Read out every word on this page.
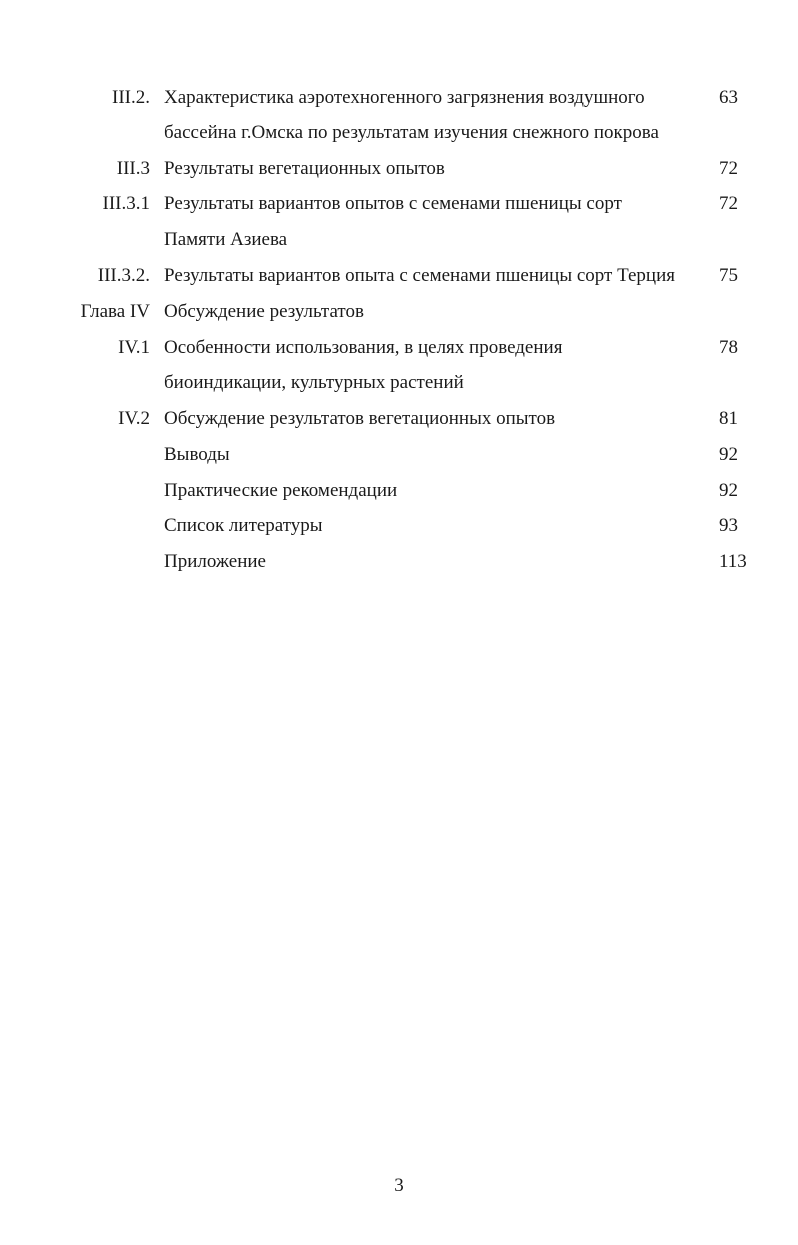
III.2. Характеристика аэротехногенного загрязнения воздушного	63
бассейна г.Омска по результатам изучения снежного покрова
III.3 Результаты вегетационных опытов	72
III.3.1 Результаты вариантов опытов с семенами пшеницы сорт	72
Памяти Азиева
III.3.2. Результаты вариантов опыта с семенами пшеницы сорт Терция 75
Глава IV Обсуждение результатов
IV.1 Особенности использования, в целях проведения	78
биоиндикации, культурных растений
IV.2 Обсуждение результатов вегетационных опытов	81
Выводы	92
Практические рекомендации	92
Список литературы	93
Приложение	113
3
